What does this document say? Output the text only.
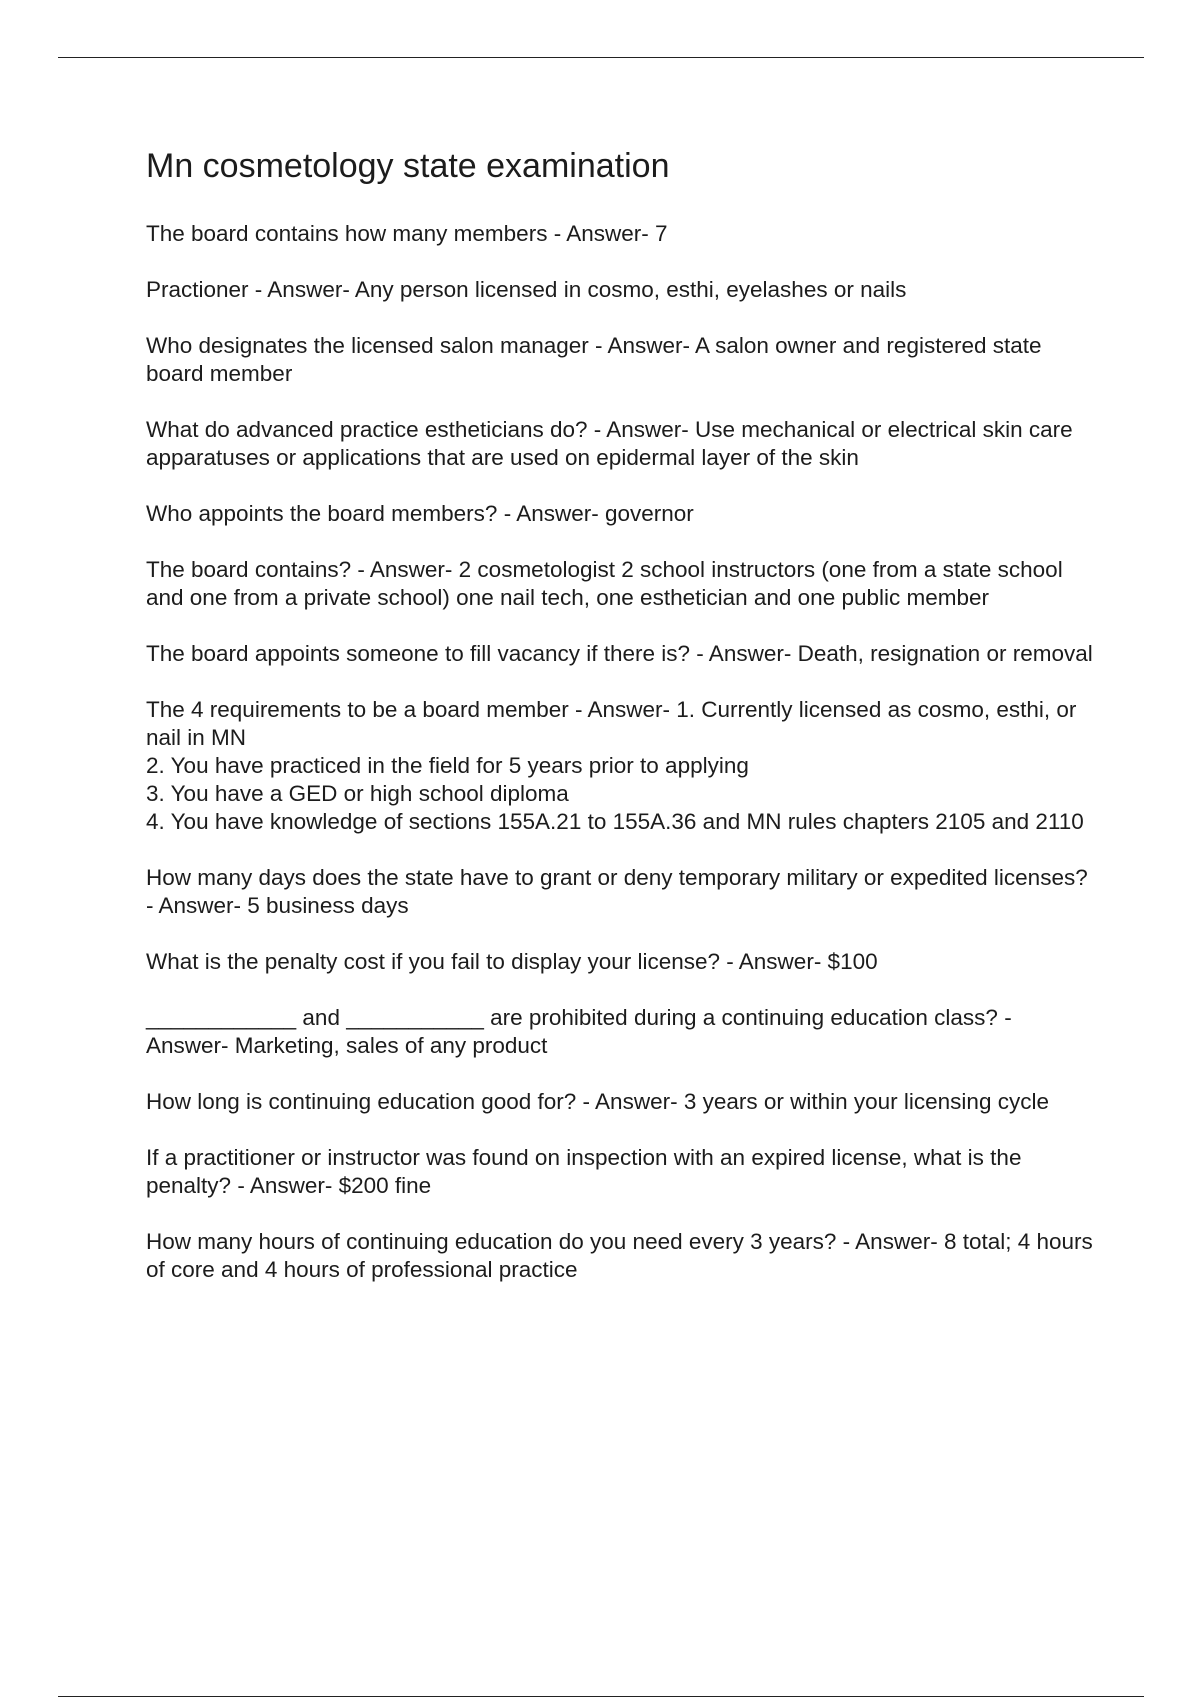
Mn cosmetology state examination

The board contains how many members - Answer- 7

Practioner - Answer- Any person licensed in cosmo, esthi, eyelashes or nails

Who designates the licensed salon manager - Answer- A salon owner and registered state board member

What do advanced practice estheticians do? - Answer- Use mechanical or electrical skin care apparatuses or applications that are used on epidermal layer of the skin

Who appoints the board members? - Answer- governor

The board contains? - Answer- 2 cosmetologist 2 school instructors (one from a state school and one from a private school) one nail tech, one esthetician and one public member

The board appoints someone to fill vacancy if there is? - Answer- Death, resignation or removal

The 4 requirements to be a board member - Answer- 1. Currently licensed as cosmo, esthi, or nail in MN
2. You have practiced in the field for 5 years prior to applying
3. You have a GED or high school diploma
4. You have knowledge of sections 155A.21 to 155A.36 and MN rules chapters 2105 and 2110

How many days does the state have to grant or deny temporary military or expedited licenses? - Answer- 5 business days

What is the penalty cost if you fail to display your license? - Answer- $100

____________ and ___________ are prohibited during a continuing education class? - Answer- Marketing, sales of any product

How long is continuing education good for? - Answer- 3 years or within your licensing cycle

If a practitioner or instructor was found on inspection with an expired license, what is the penalty? - Answer- $200 fine

How many hours of continuing education do you need every 3 years? - Answer- 8 total; 4 hours of core and 4 hours of professional practice
